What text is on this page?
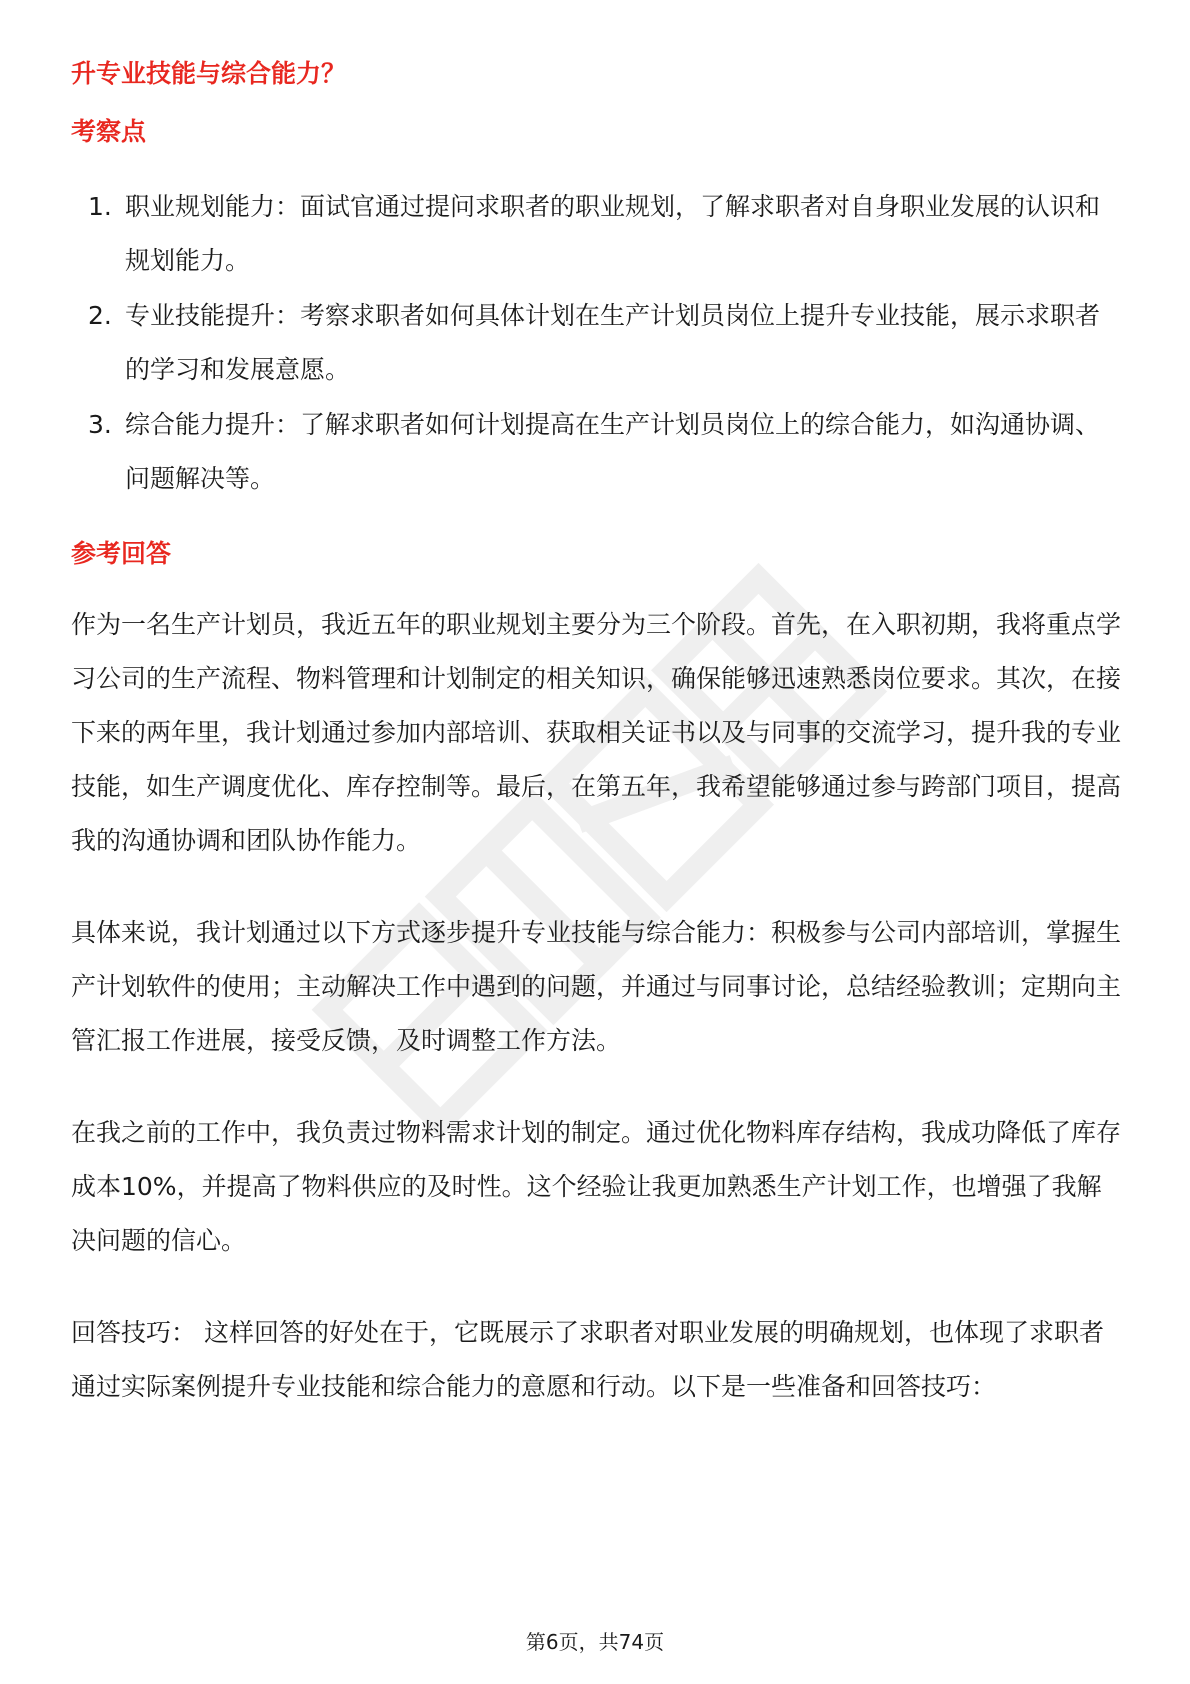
升专业技能与综合能力？

考察点

1. 职业规划能力：面试官通过提问求职者的职业规划，了解求职者对自身职业发展的认识和规划能力。
2. 专业技能提升：考察求职者如何具体计划在生产计划员岗位上提升专业技能，展示求职者的学习和发展意愿。
3. 综合能力提升：了解求职者如何计划提高在生产计划员岗位上的综合能力，如沟通协调、问题解决等。

参考回答

作为一名生产计划员，我近五年的职业规划主要分为三个阶段。首先，在入职初期，我将重点学习公司的生产流程、物料管理和计划制定的相关知识，确保能够迅速熟悉岗位要求。其次，在接下来的两年里，我计划通过参加内部培训、获取相关证书以及与同事的交流学习，提升我的专业技能，如生产调度优化、库存控制等。最后，在第五年，我希望能够通过参与跨部门项目，提高我的沟通协调和团队协作能力。

具体来说，我计划通过以下方式逐步提升专业技能与综合能力：积极参与公司内部培训，掌握生产计划软件的使用；主动解决工作中遇到的问题，并通过与同事讨论，总结经验教训；定期向主管汇报工作进展，接受反馈，及时调整工作方法。

在我之前的工作中，我负责过物料需求计划的制定。通过优化物料库存结构，我成功降低了库存成本10%，并提高了物料供应的及时性。这个经验让我更加熟悉生产计划工作，也增强了我解决问题的信心。

回答技巧： 这样回答的好处在于，它既展示了求职者对职业发展的明确规划，也体现了求职者通过实际案例提升专业技能和综合能力的意愿和行动。以下是一些准备和回答技巧：

第6页，共74页
